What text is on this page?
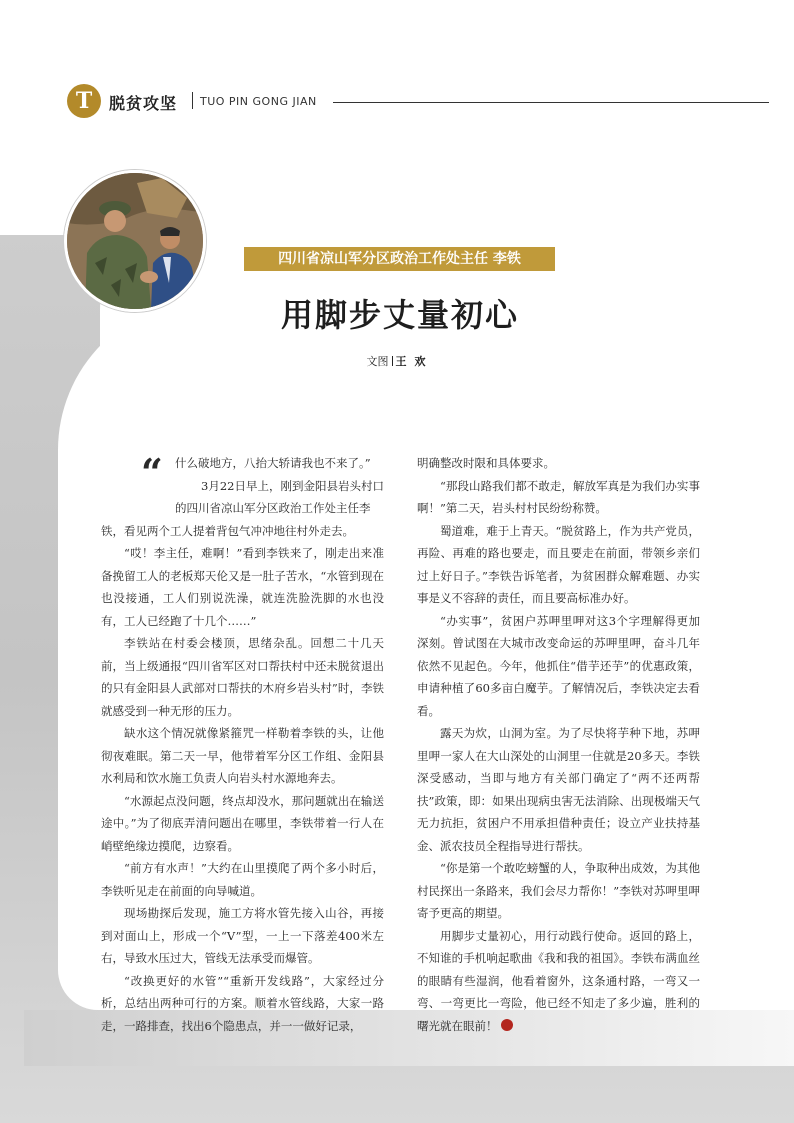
T	脱贫攻坚 TUO PIN GONG JIAN
四川省凉山军分区政治工作处主任 李铁
用脚步丈量初心
文图 王欢
“	什么破地方，八抬大轿请我也不来了。”

3月22日早上，刚到金阳县岩头村口

的四川省凉山军分区政治工作处主任李

铁，看见两个工人提着背包气冲冲地往村外走去。

“哎！李主任，难啊！”看到李铁来了，刚走出来准备挽留工人的老板郑天伦又是一肚子苦水，“水管到现在也没接通，工人们别说洗澡，就连洗脸洗脚的水也没有，工人已经跑了十几个……”

李铁站在村委会楼顶，思绪杂乱。回想二十几天前，当上级通报“四川省军区对口帮扶村中还未脱贫退出的只有金阳县人武部对口帮扶的木府乡岩头村”时，李铁就感受到一种无形的压力。

缺水这个情况就像紧箍咒一样勒着李铁的头，让他彻夜难眠。第二天一早，他带着军分区工作组、金阳县水利局和饮水施工负责人向岩头村水源地奔去。

“水源起点没问题，终点却没水，那问题就出在输送途中。”为了彻底弄清问题出在哪里，李铁带着一行人在峭壁绝缘边摸爬，边察看。

“前方有水声！”大约在山里摸爬了两个多小时后，李铁听见走在前面的向导喊道。

现场勘探后发现，施工方将水管先接入山谷，再接到对面山上，形成一个“V”型，一上一下落差400米左右，导致水压过大，管线无法承受而爆管。

“改换更好的水管”“重新开发线路”，大家经过分析，总结出两种可行的方案。顺着水管线路，大家一路走，一路排查，找出6个隐患点，并一一做好记录，

明确整改时限和具体要求。

“那段山路我们都不敢走，解放军真是为我们办实事啊！”第二天，岩头村村民纷纷称赞。

蜀道难，难于上青天。“脱贫路上，作为共产党员，再险、再难的路也要走，而且要走在前面，带领乡亲们过上好日子。”李铁告诉笔者，为贫困群众解难题、办实事是义不容辞的责任，而且要高标准办好。

“办实事”，贫困户苏呷里呷对这3个字理解得更加深刻。曾试图在大城市改变命运的苏呷里呷，奋斗几年依然不见起色。今年，他抓住“借芋还芋”的优惠政策，申请种植了60多亩白魔芋。了解情况后，李铁决定去看看。

露天为炊，山洞为室。为了尽快将芋种下地，苏呷里呷一家人在大山深处的山洞里一住就是20多天。李铁深受感动，当即与地方有关部门确定了“两不还两帮扶”政策，即：如果出现病虫害无法消除、出现极端天气无力抗拒，贫困户不用承担借种责任；设立产业扶持基金、派农技员全程指导进行帮扶。

“你是第一个敢吃螃蟹的人，争取种出成效，为其他村民探出一条路来，我们会尽力帮你！”李铁对苏呷里呷寄予更高的期望。

用脚步丈量初心，用行动践行使命。返回的路上，不知谁的手机响起歌曲《我和我的祖国》。李铁布满血丝的眼睛有些湿润，他看着窗外，这条通村路，一弯又一弯、一弯更比一弯险，他已经不知走了多少遍，胜利的曙光就在眼前！
